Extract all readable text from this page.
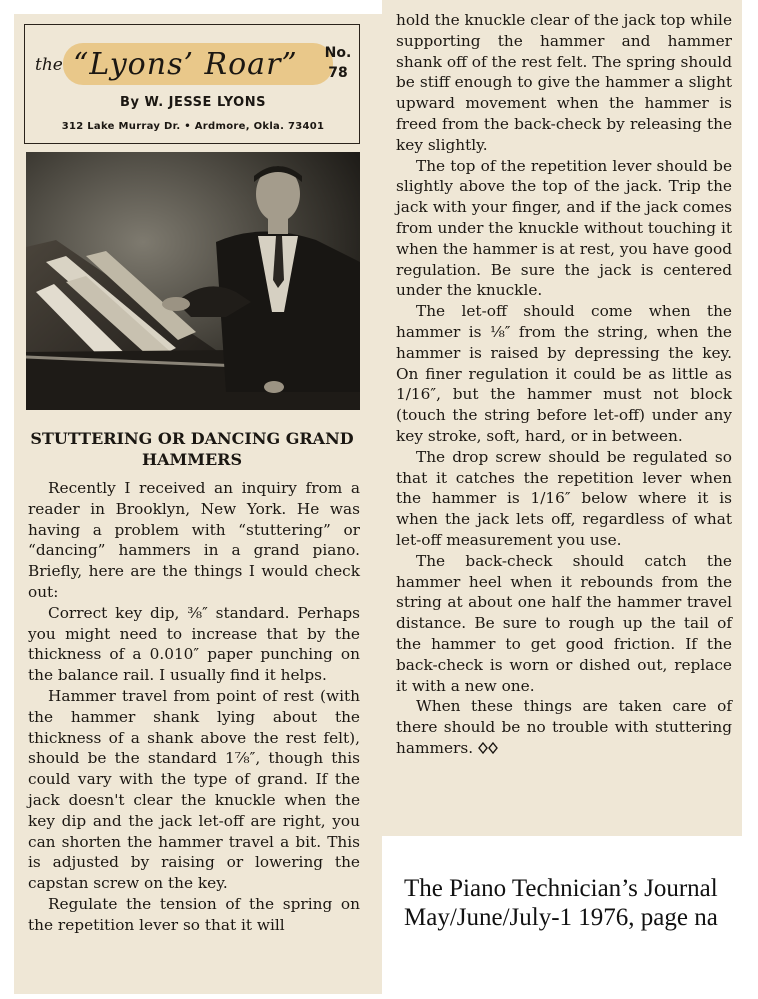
the “Lyons’ Roar” No.
78
By W. JESSE LYONS
312 Lake Murray Dr. • Ardmore, Okla. 73401
STUTTERING OR DANCING GRAND HAMMERS

Recently I received an inquiry from a reader in Brooklyn, New York. He was having a problem with “stuttering” or “dancing” hammers in a grand piano. Briefly, here are the things I would check out:

Correct key dip, ⅜″ standard. Perhaps you might need to increase that by the thickness of a 0.010″ paper punching on the balance rail. I usually find it helps.

Hammer travel from point of rest (with the hammer shank lying about the thickness of a shank above the rest felt), should be the standard 1⅞″, though this could vary with the type of grand. If the jack doesn't clear the knuckle when the key dip and the jack let-off are right, you can shorten the hammer travel a bit. This is adjusted by raising or lowering the capstan screw on the key.

Regulate the tension of the spring on the repetition lever so that it will

hold the knuckle clear of the jack top while supporting the hammer and hammer shank off of the rest felt. The spring should be stiff enough to give the hammer a slight upward movement when the hammer is freed from the back-check by releasing the key slightly.

The top of the repetition lever should be slightly above the top of the jack. Trip the jack with your finger, and if the jack comes from under the knuckle without touching it when the hammer is at rest, you have good regulation. Be sure the jack is centered under the knuckle.

The let-off should come when the hammer is ⅛″ from the string, when the hammer is raised by depressing the key. On finer regulation it could be as little as 1/16″, but the hammer must not block (touch the string before let-off) under any key stroke, soft, hard, or in between.

The drop screw should be regulated so that it catches the repetition lever when the hammer is 1/16″ below where it is when the jack lets off, regardless of what let-off measurement you use.

The back-check should catch the hammer heel when it rebounds from the string at about one half the hammer travel distance. Be sure to rough up the tail of the hammer to get good friction. If the back-check is worn or dished out, replace it with a new one.

When these things are taken care of there should be no trouble with stuttering hammers.

The Piano Technician’s Journal
May/June/July-1 1976, page na
